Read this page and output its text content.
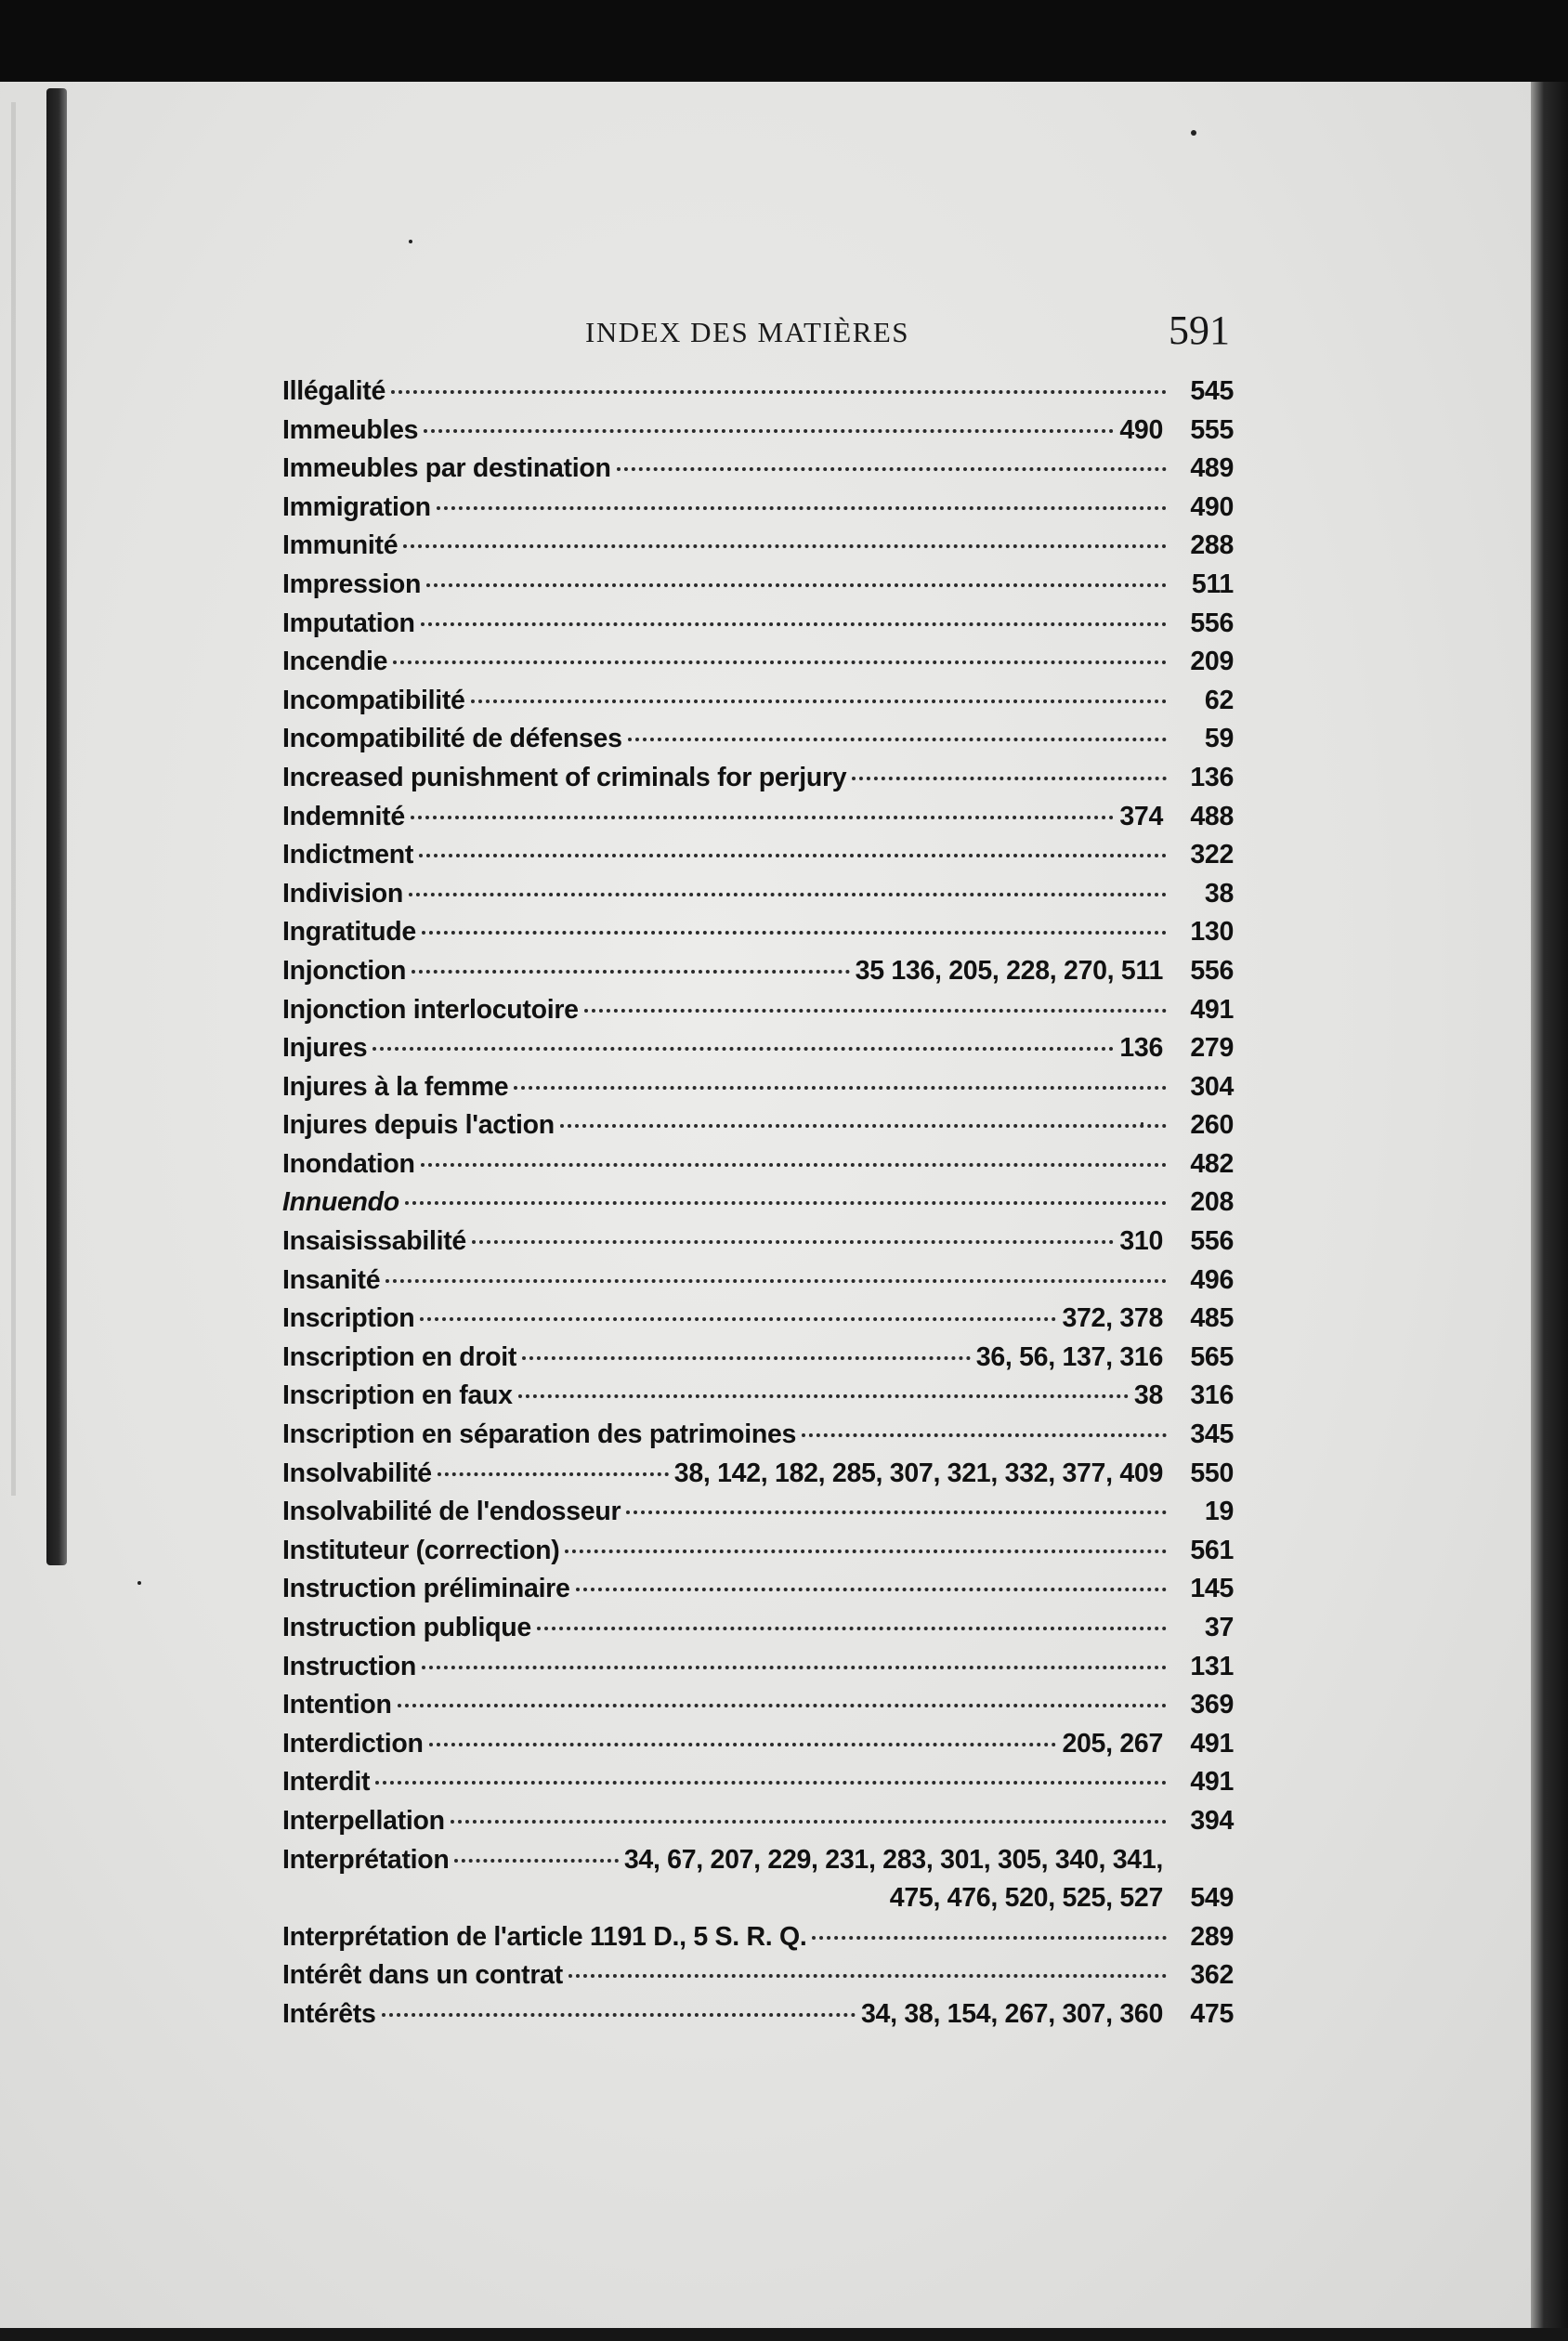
INDEX DES MATIÈRES	591
Illégalité	545
Immeubles	490	555
Immeubles par destination	489
Immigration	490
Immunité	288
Impression	511
Imputation	556
Incendie	209
Incompatibilité	62
Incompatibilité de défenses	59
Increased punishment of criminals for perjury	136
Indemnité	374	488
Indictment	322
Indivision	38
Ingratitude	130
Injonction	35 136, 205, 228, 270, 511	556
Injonction interlocutoire	491
Injures	136	279
Injures à la femme	304
Injures depuis l'action	260
Inondation	482
Innuendo	208
Insaisissabilité	310	556
Insanité	496
Inscription	372, 378	485
Inscription en droit	36, 56, 137, 316	565
Inscription en faux	38	316
Inscription en séparation des patrimoines	345
Insolvabilité	38, 142, 182, 285, 307, 321, 332, 377, 409	550
Insolvabilité de l'endosseur	19
Instituteur (correction)	561
Instruction préliminaire	145
Instruction publique	37
Instruction	131
Intention	369
Interdiction	205, 267	491
Interdit	491
Interpellation	394
Interprétation	34, 67, 207, 229, 231, 283, 301, 305, 340, 341,
475, 476, 520, 525, 527	549
Interprétation de l'article 1191 D., 5 S. R. Q.	289
Intérêt dans un contrat	362
Intérêts	34, 38, 154, 267, 307, 360	475
